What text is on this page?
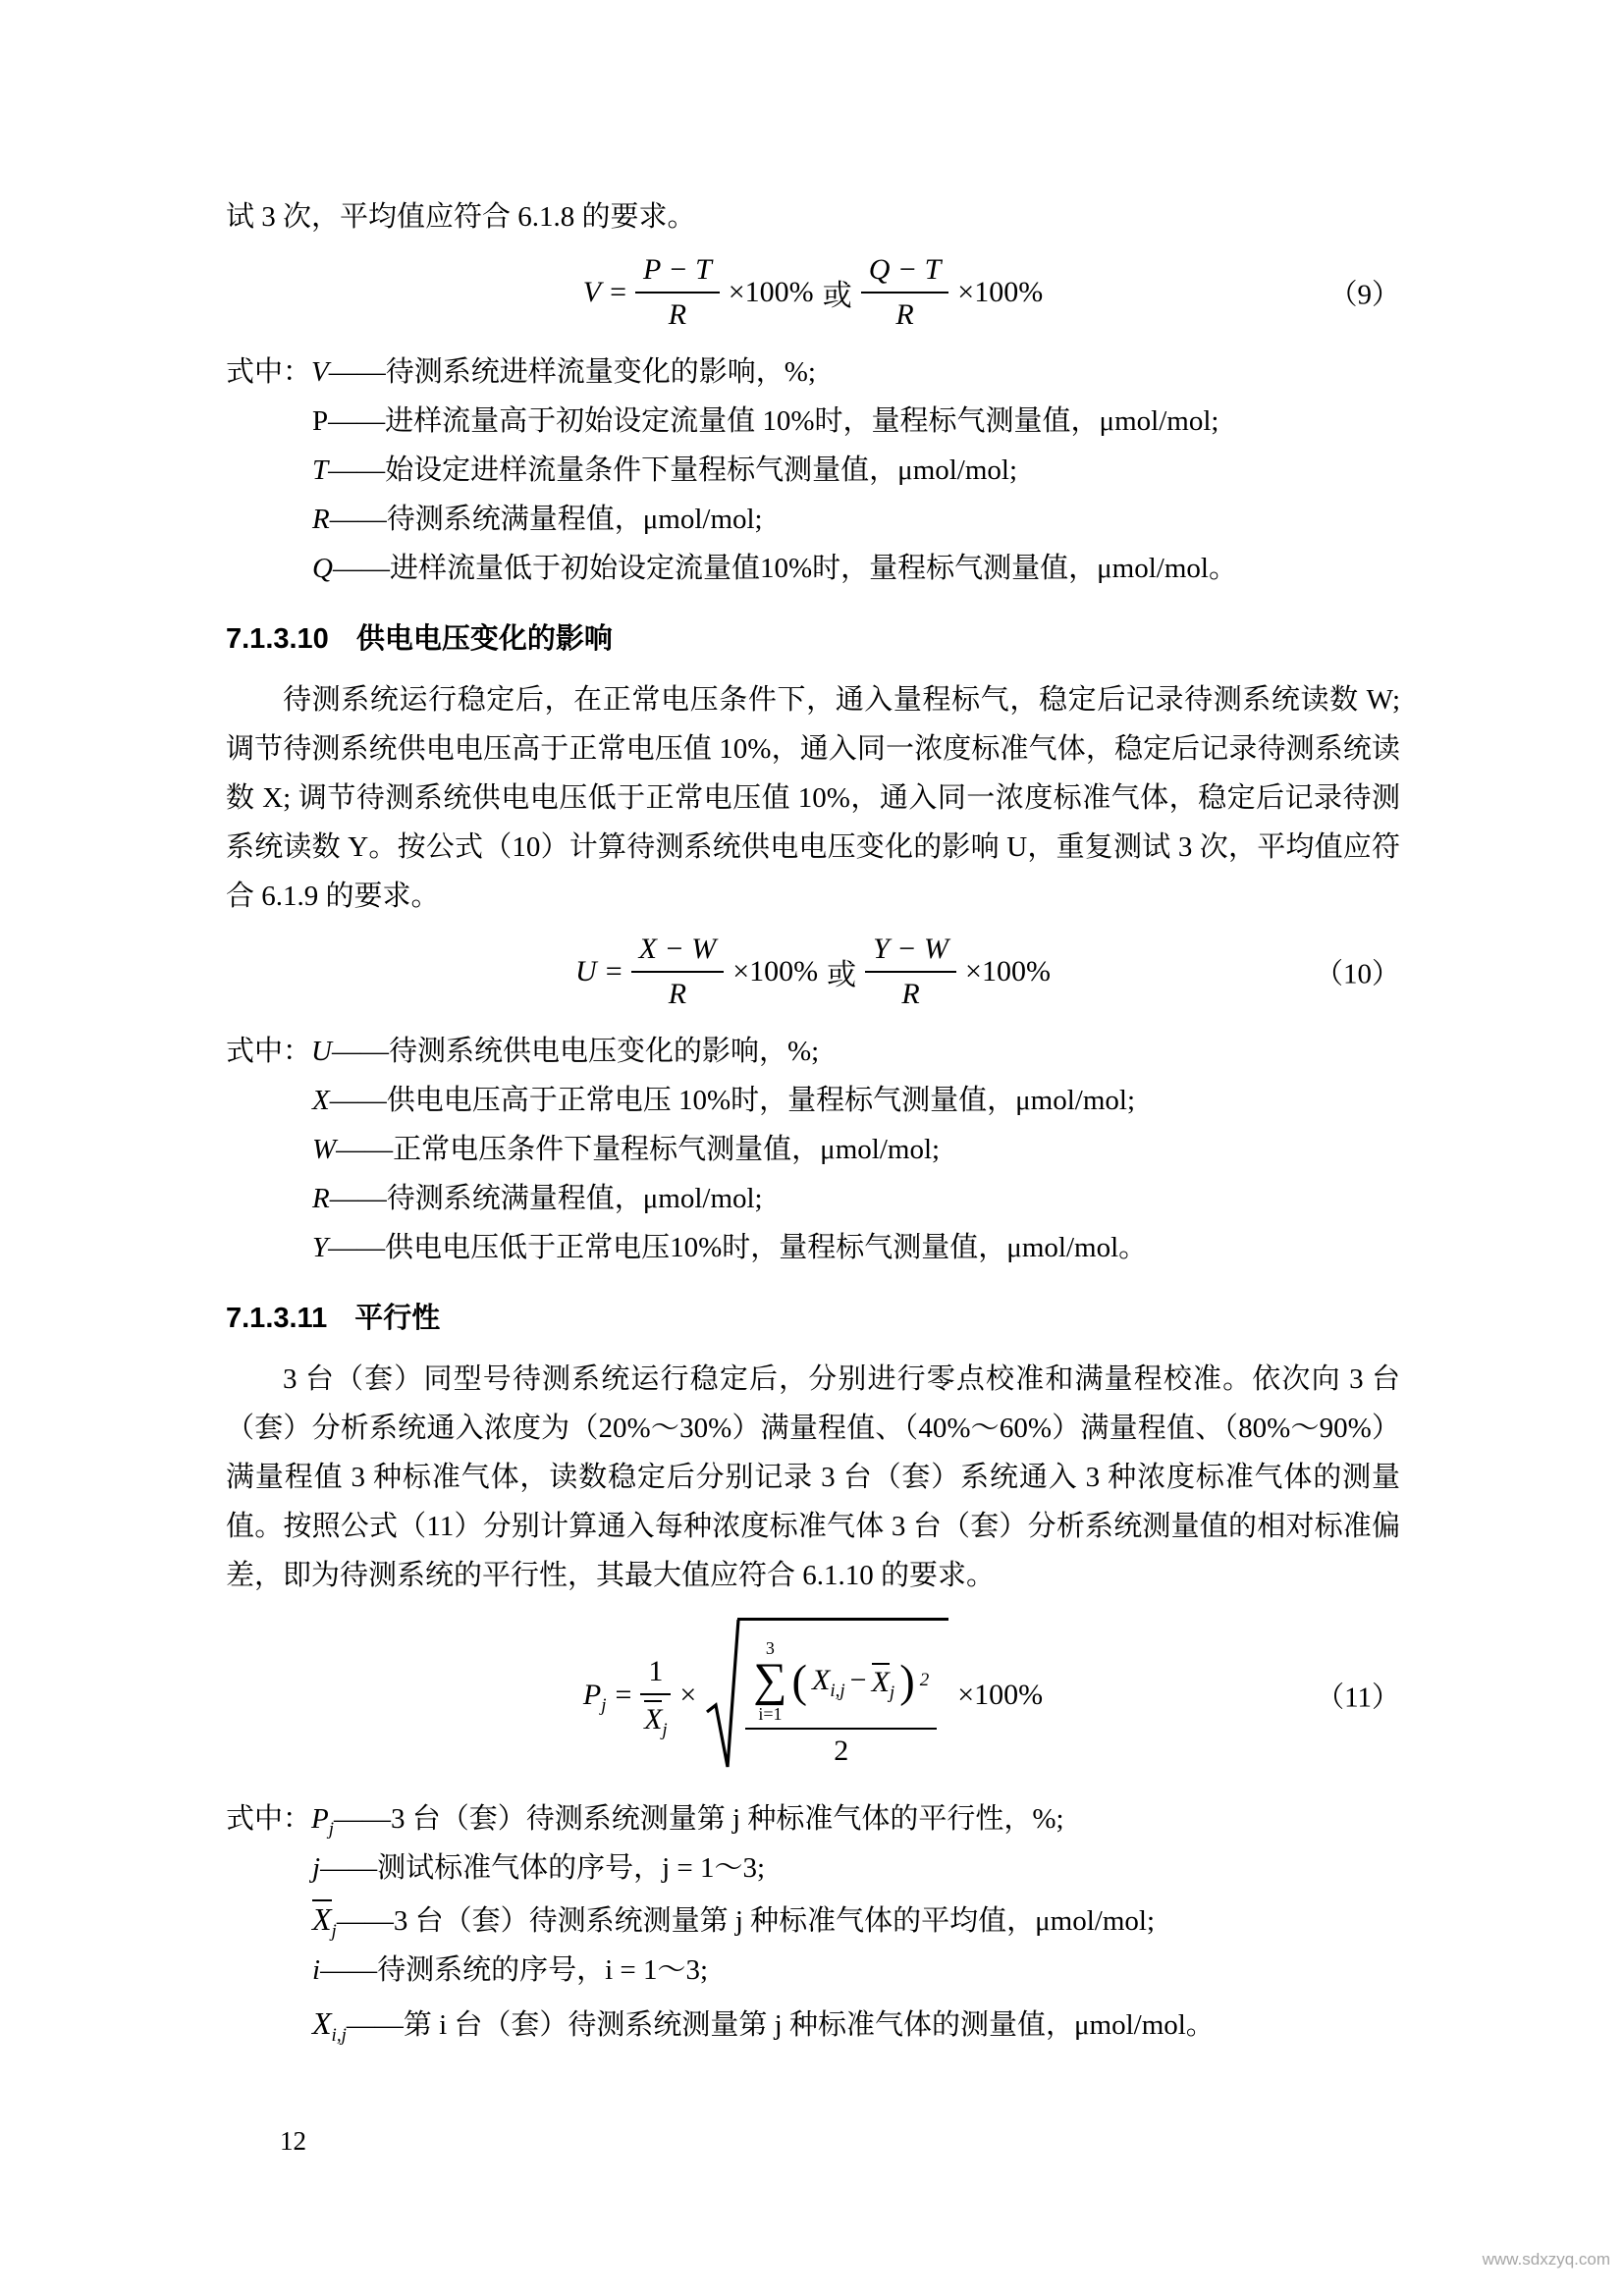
试 3 次，平均值应符合 6.1.8 的要求。
$V = \frac{P - T}{R} \times 100\%$ 或 $\frac{Q - T}{R} \times 100\%$	（9）
式中：V——待测系统进样流量变化的影响，%;
P——进样流量高于初始设定流量值 10%时，量程标气测量值，μmol/mol;
T——始设定进样流量条件下量程标气测量值，μmol/mol;
R——待测系统满量程值，μmol/mol;
Q——进样流量低于初始设定流量值10%时，量程标气测量值，μmol/mol。
7.1.3.10 供电电压变化的影响

待测系统运行稳定后，在正常电压条件下，通入量程标气，稳定后记录待测系统读数 W; 调节待测系统供电电压高于正常电压值 10%，通入同一浓度标准气体，稳定后记录待测系统读数 X; 调节待测系统供电电压低于正常电压值 10%，通入同一浓度标准气体，稳定后记录待测系统读数 Y。按公式（10）计算待测系统供电电压变化的影响 U，重复测试 3 次，平均值应符合 6.1.9 的要求。

$U = \frac{X - W}{R} \times 100\%$ 或 $\frac{Y - W}{R} \times 100\%$	（10）
式中：U——待测系统供电电压变化的影响，%;
X——供电电压高于正常电压 10%时，量程标气测量值，μmol/mol;
W——正常电压条件下量程标气测量值，μmol/mol;
R——待测系统满量程值，μmol/mol;
Y——供电电压低于正常电压10%时，量程标气测量值，μmol/mol。
7.1.3.11 平行性

3 台（套）同型号待测系统运行稳定后，分别进行零点校准和满量程校准。依次向 3 台（套）分析系统通入浓度为（20%～30%）满量程值、（40%～60%）满量程值、（80%～90%）满量程值 3 种标准气体，读数稳定后分别记录 3 台（套）系统通入 3 种浓度标准气体的测量值。按照公式（11）分别计算通入每种浓度标准气体 3 台（套）分析系统测量值的相对标准偏差，即为待测系统的平行性，其最大值应符合 6.1.10 的要求。

$P_j = \frac{1}{X_j}$ ×
3
∑
i=1
( $X_{i,j} - X_j$ ) 2
2
×100%	（11）
式中：$P_j——3$ 台（套）待测系统测量第 j 种标准气体的平行性，%;
j——测试标准气体的序号，j = 1～3;
$X_j——3$ 台（套）待测系统测量第 j 种标准气体的平均值，μmol/mol;
i——待测系统的序号，i = 1～3;
$X_{i,j}——$第 i 台（套）待测系统测量第 j 种标准气体的测量值，μmol/mol。
12
www.sdxzyq.com
